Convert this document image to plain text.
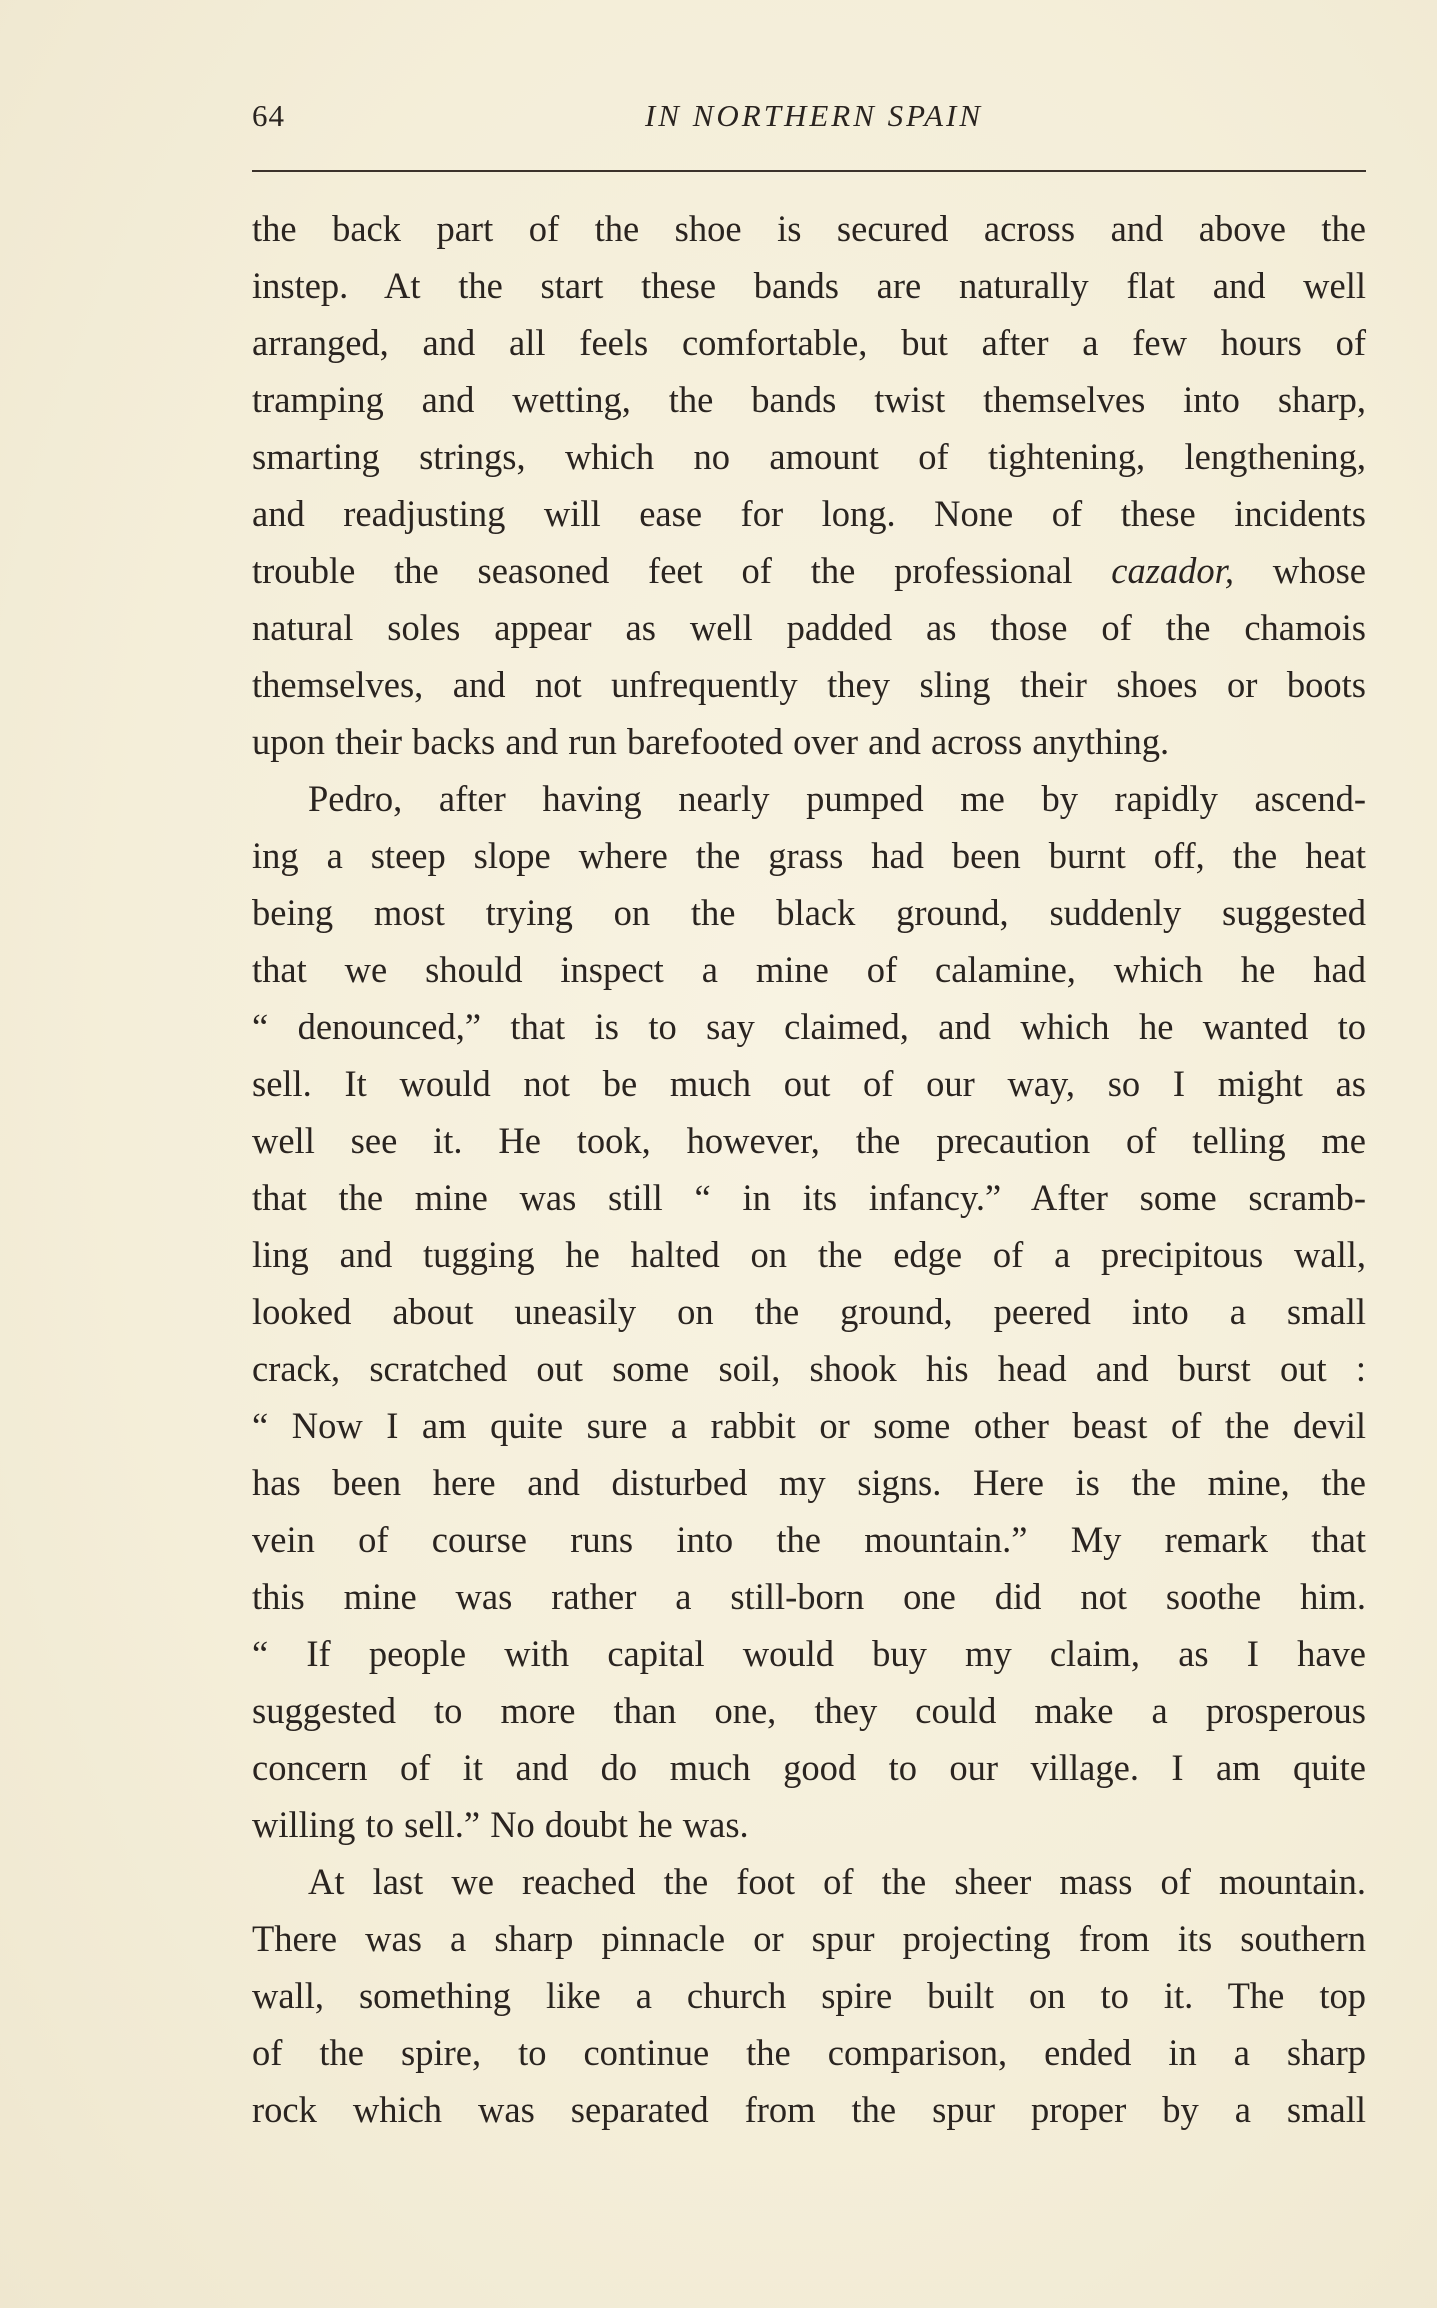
64	IN NORTHERN SPAIN
the back part of the shoe is secured across and above the
instep. At the start these bands are naturally flat and well
arranged, and all feels comfortable, but after a few hours of
tramping and wetting, the bands twist themselves into sharp,
smarting strings, which no amount of tightening, lengthening,
and readjusting will ease for long. None of these incidents
trouble the seasoned feet of the professional cazador, whose
natural soles appear as well padded as those of the chamois
themselves, and not unfrequently they sling their shoes or boots
upon their backs and run barefooted over and across anything.
Pedro, after having nearly pumped me by rapidly ascend-
ing a steep slope where the grass had been burnt off, the heat
being most trying on the black ground, suddenly suggested
that we should inspect a mine of calamine, which he had
“ denounced,” that is to say claimed, and which he wanted to
sell. It would not be much out of our way, so I might as
well see it. He took, however, the precaution of telling me
that the mine was still “ in its infancy.” After some scramb-
ling and tugging he halted on the edge of a precipitous wall,
looked about uneasily on the ground, peered into a small
crack, scratched out some soil, shook his head and burst out :
“ Now I am quite sure a rabbit or some other beast of the devil
has been here and disturbed my signs. Here is the mine, the
vein of course runs into the mountain.” My remark that
this mine was rather a still-born one did not soothe him.
“ If people with capital would buy my claim, as I have
suggested to more than one, they could make a prosperous
concern of it and do much good to our village. I am quite
willing to sell.” No doubt he was.
At last we reached the foot of the sheer mass of mountain.
There was a sharp pinnacle or spur projecting from its southern
wall, something like a church spire built on to it. The top
of the spire, to continue the comparison, ended in a sharp
rock which was separated from the spur proper by a small
